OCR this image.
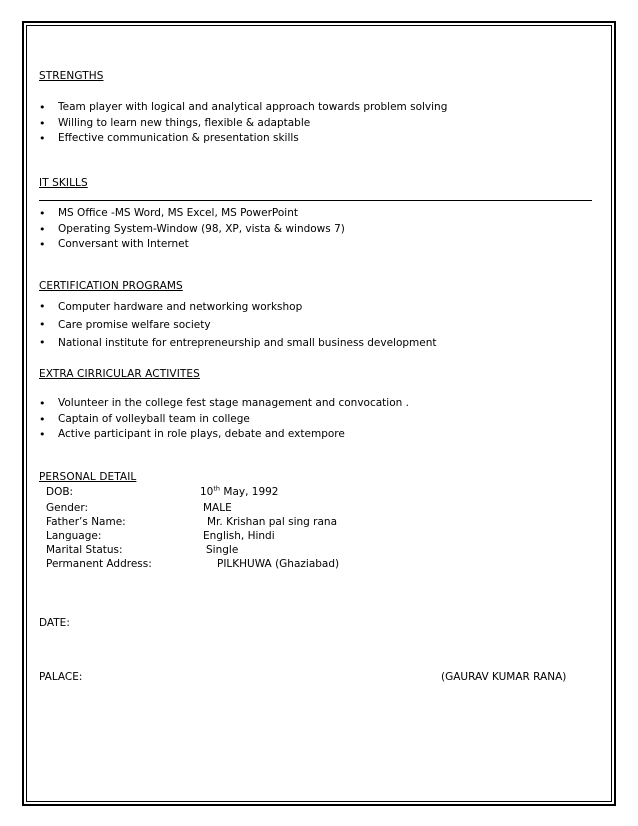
STRENGTHS
• Team player with logical and analytical approach towards problem solving
• Willing to learn new things, flexible & adaptable
• Effective communication & presentation skills
IT SKILLS
• MS Office -MS Word, MS Excel, MS PowerPoint
• Operating System-Window (98, XP, vista & windows 7)
• Conversant with Internet
CERTIFICATION PROGRAMS
• Computer hardware and networking workshop
• Care promise welfare society
• National institute for entrepreneurship and small business development
EXTRA CIRRICULAR ACTIVITES
• Volunteer in the college fest stage management and convocation .
• Captain of volleyball team in college
• Active participant in role plays, debate and extempore
PERSONAL DETAIL
DOB:	10th May, 1992
Gender:	MALE
Father’s Name:	Mr. Krishan pal sing rana
Language:	English, Hindi
Marital Status:	Single
Permanent Address:	PILKHUWA (Ghaziabad)
DATE:
PALACE:	(GAURAV KUMAR RANA)
